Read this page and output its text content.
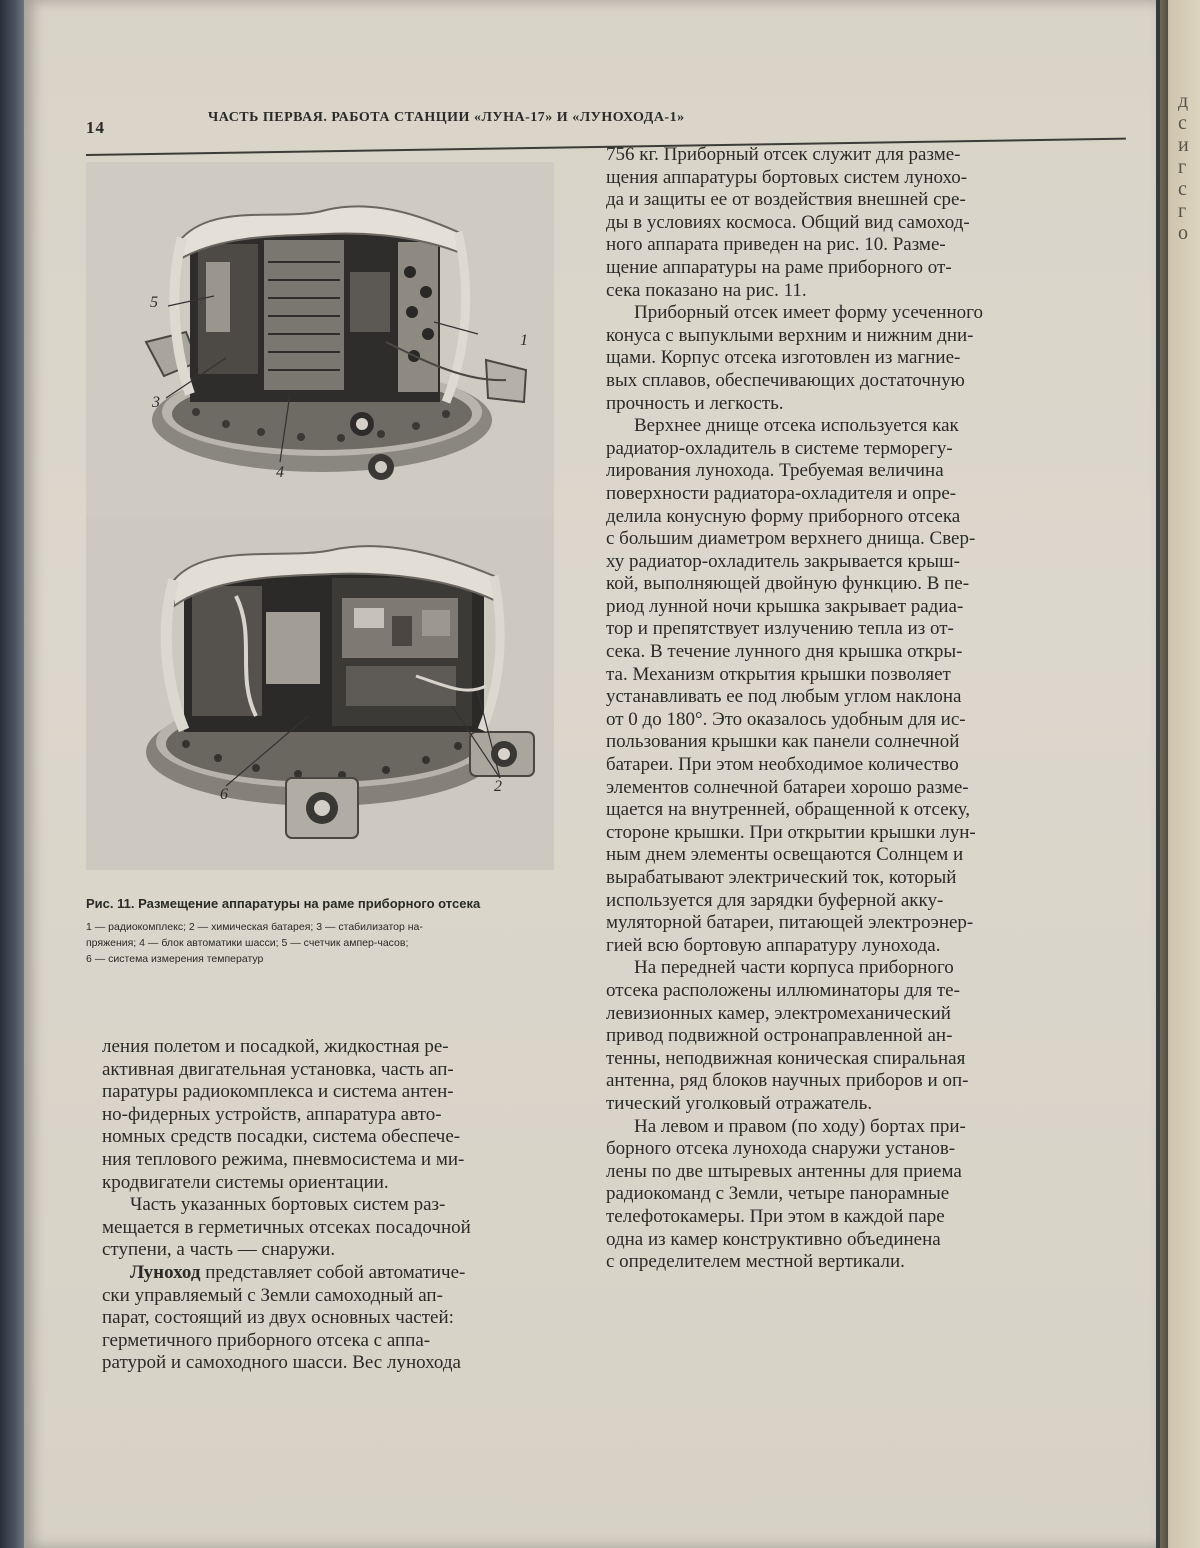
д
с
и
г
с
г
о
14
ЧАСТЬ ПЕРВАЯ. РАБОТА СТАНЦИИ «ЛУНА-17» И «ЛУНОХОДА-1»
5
1
3
4
6	2
Рис. 11. Размещение аппаратуры на раме приборного отсека
1 — радиокомплекс; 2 — химическая батарея; 3 — стабилизатор на-
пряжения; 4 — блок автоматики шасси; 5 — счетчик ампер-часов;
6 — система измерения температур
ления полетом и посадкой, жидкостная ре-
активная двигательная установка, часть ап-
паратуры радиокомплекса и система антен-
но-фидерных устройств, аппаратура авто-
номных средств посадки, система обеспече-
ния теплового режима, пневмосистема и ми-
кродвигатели системы ориентации.
Часть указанных бортовых систем раз-
мещается в герметичных отсеках посадочной
ступени, а часть — снаружи.
Луноход представляет собой автоматиче-
ски управляемый с Земли самоходный ап-
парат, состоящий из двух основных частей:
герметичного приборного отсека с аппа-
ратурой и самоходного шасси. Вес лунохода
756 кг. Приборный отсек служит для разме-
щения аппаратуры бортовых систем лунохо-
да и защиты ее от воздействия внешней сре-
ды в условиях космоса. Общий вид самоход-
ного аппарата приведен на рис. 10. Разме-
щение аппаратуры на раме приборного от-
сека показано на рис. 11.
Приборный отсек имеет форму усеченного
конуса с выпуклыми верхним и нижним дни-
щами. Корпус отсека изготовлен из магние-
вых сплавов, обеспечивающих достаточную
прочность и легкость.
Верхнее днище отсека используется как
радиатор-охладитель в системе терморегу-
лирования лунохода. Требуемая величина
поверхности радиатора-охладителя и опре-
делила конусную форму приборного отсека
с большим диаметром верхнего днища. Свер-
ху радиатор-охладитель закрывается крыш-
кой, выполняющей двойную функцию. В пе-
риод лунной ночи крышка закрывает радиа-
тор и препятствует излучению тепла из от-
сека. В течение лунного дня крышка откры-
та. Механизм открытия крышки позволяет
устанавливать ее под любым углом наклона
от 0 до 180°. Это оказалось удобным для ис-
пользования крышки как панели солнечной
батареи. При этом необходимое количество
элементов солнечной батареи хорошо разме-
щается на внутренней, обращенной к отсеку,
стороне крышки. При открытии крышки лун-
ным днем элементы освещаются Солнцем и
вырабатывают электрический ток, который
используется для зарядки буферной акку-
муляторной батареи, питающей электроэнер-
гией всю бортовую аппаратуру лунохода.
На передней части корпуса приборного
отсека расположены иллюминаторы для те-
левизионных камер, электромеханический
привод подвижной остронаправленной ан-
тенны, неподвижная коническая спиральная
антенна, ряд блоков научных приборов и оп-
тический уголковый отражатель.
На левом и правом (по ходу) бортах при-
борного отсека лунохода снаружи установ-
лены по две штыревых антенны для приема
радиокоманд с Земли, четыре панорамные
телефотокамеры. При этом в каждой паре
одна из камер конструктивно объединена
с определителем местной вертикали.
